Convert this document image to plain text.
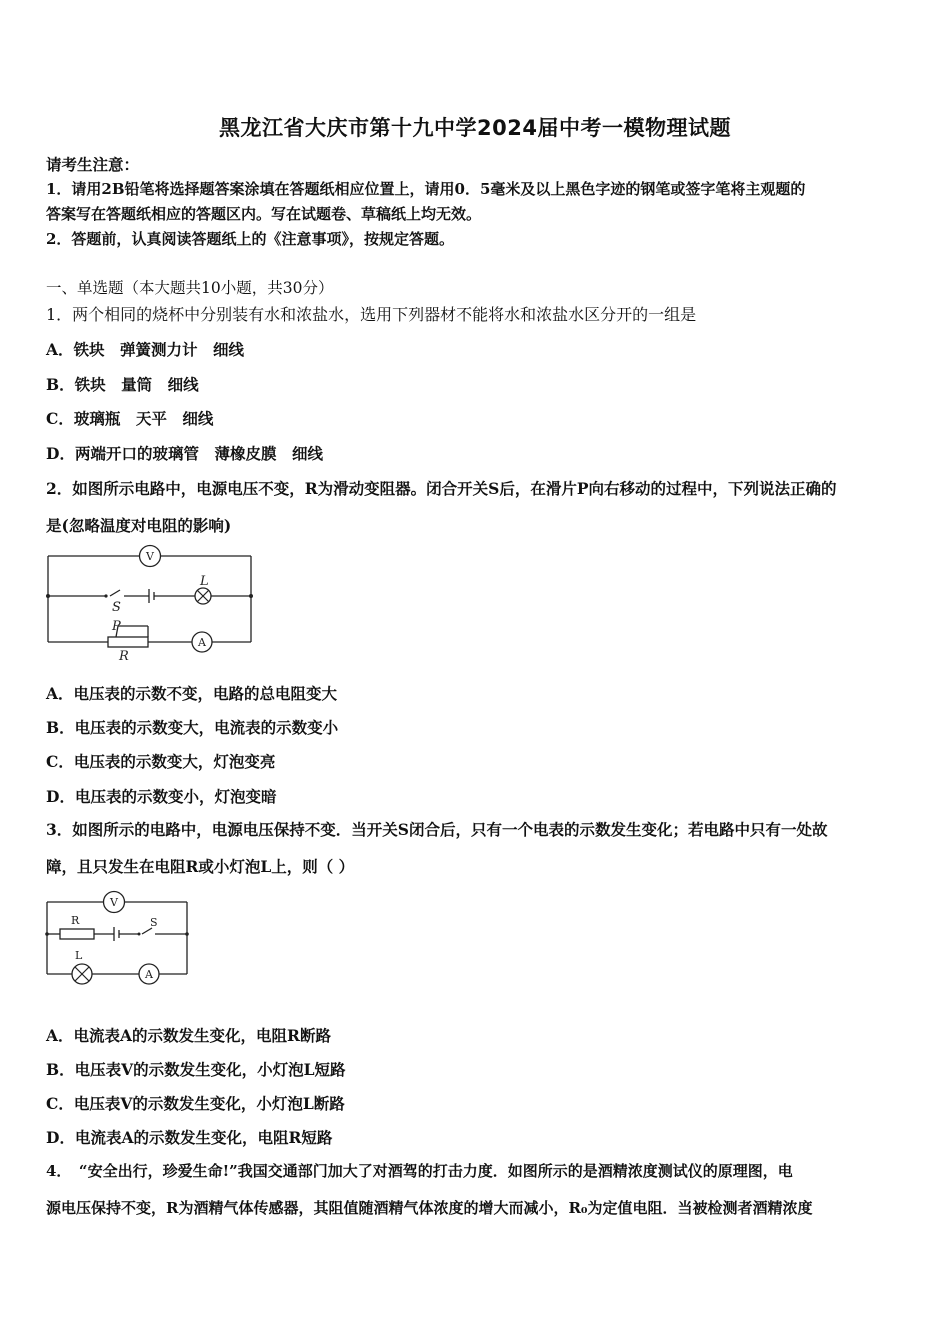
黑龙江省大庆市第十九中学2024届中考一模物理试题
请考生注意：
1．请用2B铅笔将选择题答案涂填在答题纸相应位置上，请用0．5毫米及以上黑色字迹的钢笔或签字笔将主观题的
答案写在答题纸相应的答题区内。写在试题卷、草稿纸上均无效。
2．答题前，认真阅读答题纸上的《注意事项》，按规定答题。
一、单选题（本大题共10小题，共30分）
1．两个相同的烧杯中分别装有水和浓盐水，选用下列器材不能将水和浓盐水区分开的一组是
A．铁块　弹簧测力计　细线
B．铁块　量筒　细线
C．玻璃瓶　天平　细线
D．两端开口的玻璃管　薄橡皮膜　细线
2．如图所示电路中，电源电压不变，R为滑动变阻器。闭合开关S后，在滑片P向右移动的过程中，下列说法正确的
是(忽略温度对电阻的影响)
V
A
L
S
P
R
A．电压表的示数不变，电路的总电阻变大
B．电压表的示数变大，电流表的示数变小
C．电压表的示数变大，灯泡变亮
D．电压表的示数变小，灯泡变暗
3．如图所示的电路中，电源电压保持不变．当开关S闭合后，只有一个电表的示数发生变化；若电路中只有一处故
障，且只发生在电阻R或小灯泡L上，则（ ）
V
A
R	S
L
A．电流表A的示数发生变化，电阻R断路
B．电压表V的示数发生变化，小灯泡L短路
C．电压表V的示数发生变化，小灯泡L断路
D．电流表A的示数发生变化，电阻R短路
4．　“安全出行，珍爱生命!”我国交通部门加大了对酒驾的打击力度．如图所示的是酒精浓度测试仪的原理图，电
源电压保持不变，R为酒精气体传感器，其阻值随酒精气体浓度的增大而减小，R₀为定值电阻．当被检测者酒精浓度
